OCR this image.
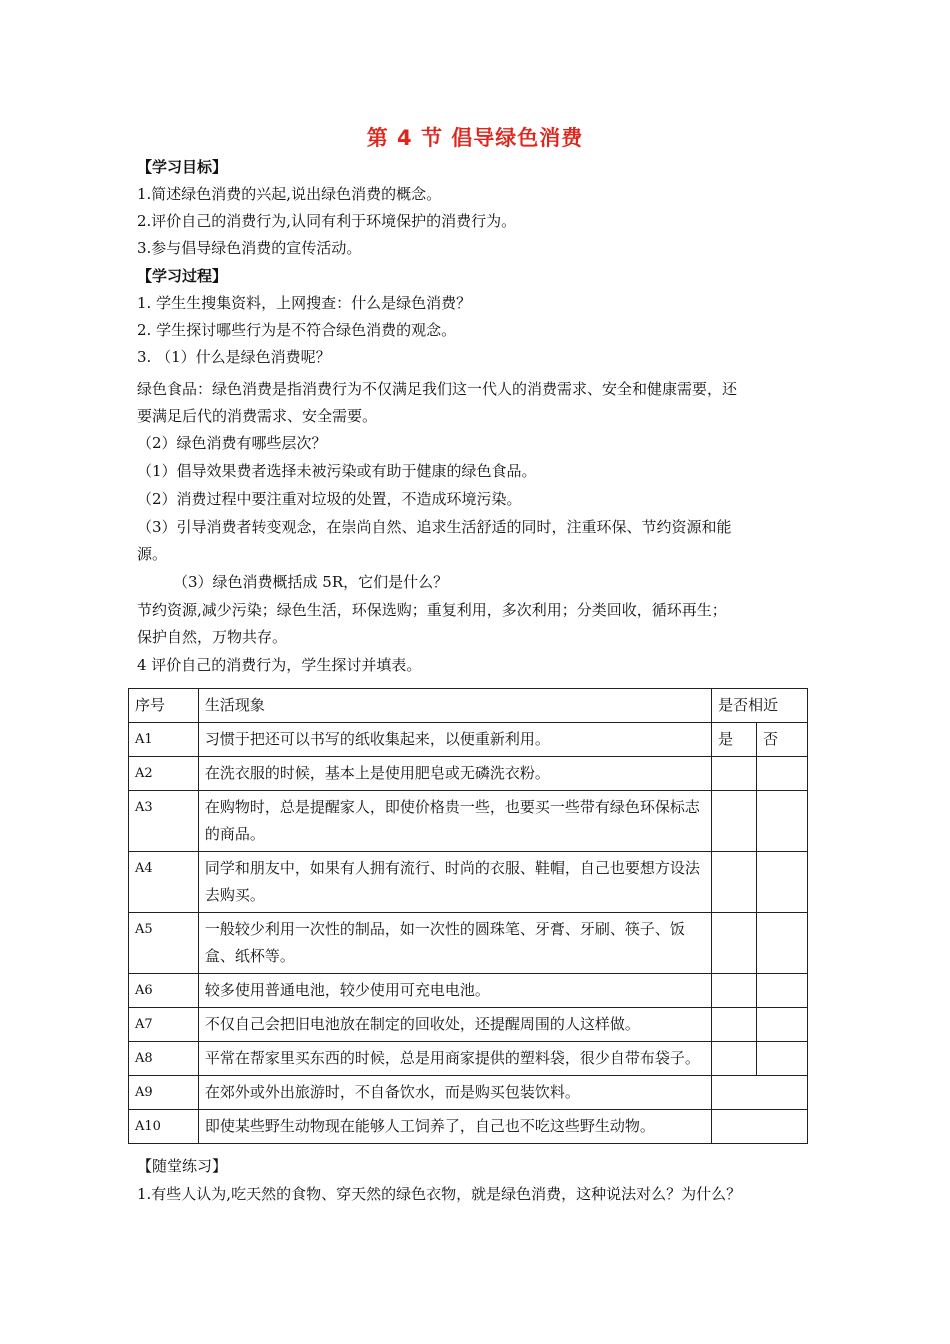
第 4 节 倡导绿色消费
【学习目标】
1.简述绿色消费的兴起,说出绿色消费的概念。
2.评价自己的消费行为,认同有利于环境保护的消费行为。
3.参与倡导绿色消费的宣传活动。
【学习过程】
1. 学生生搜集资料，上网搜查：什么是绿色消费？
2. 学生探讨哪些行为是不符合绿色消费的观念。
3. （1）什么是绿色消费呢？
绿色食品：绿色消费是指消费行为不仅满足我们这一代人的消费需求、安全和健康需要，还
要满足后代的消费需求、安全需要。
（2）绿色消费有哪些层次？
（1）倡导效果费者选择未被污染或有助于健康的绿色食品。
（2）消费过程中要注重对垃圾的处置，不造成环境污染。
（3）引导消费者转变观念，在崇尚自然、追求生活舒适的同时，注重环保、节约资源和能
源。
（3）绿色消费概括成 5R，它们是什么？
节约资源,减少污染；绿色生活，环保选购；重复利用，多次利用；分类回收，循环再生；
保护自然，万物共存。
4 评价自己的消费行为，学生探讨并填表。
序号	生活现象	是否相近	
A1	习惯于把还可以书写的纸收集起来，以便重新利用。	是	否
A2	在洗衣服的时候，基本上是使用肥皂或无磷洗衣粉。		
A3	在购物时，总是提醒家人，即使价格贵一些，也要买一些带有绿色环保标志的商品。		
A4	同学和朋友中，如果有人拥有流行、时尚的衣服、鞋帽，自己也要想方设法去购买。		
A5	一般较少利用一次性的制品，如一次性的圆珠笔、牙膏、牙刷、筷子、饭盒、纸杯等。		
A6	较多使用普通电池，较少使用可充电电池。		
A7	不仅自己会把旧电池放在制定的回收处，还提醒周围的人这样做。		
A8	平常在帮家里买东西的时候，总是用商家提供的塑料袋，很少自带布袋子。		
A9	在郊外或外出旅游时，不自备饮水，而是购买包装饮料。		
A10	即使某些野生动物现在能够人工饲养了，自己也不吃这些野生动物。		
【随堂练习】
1.有些人认为,吃天然的食物、穿天然的绿色衣物，就是绿色消费，这种说法对么？为什么？
